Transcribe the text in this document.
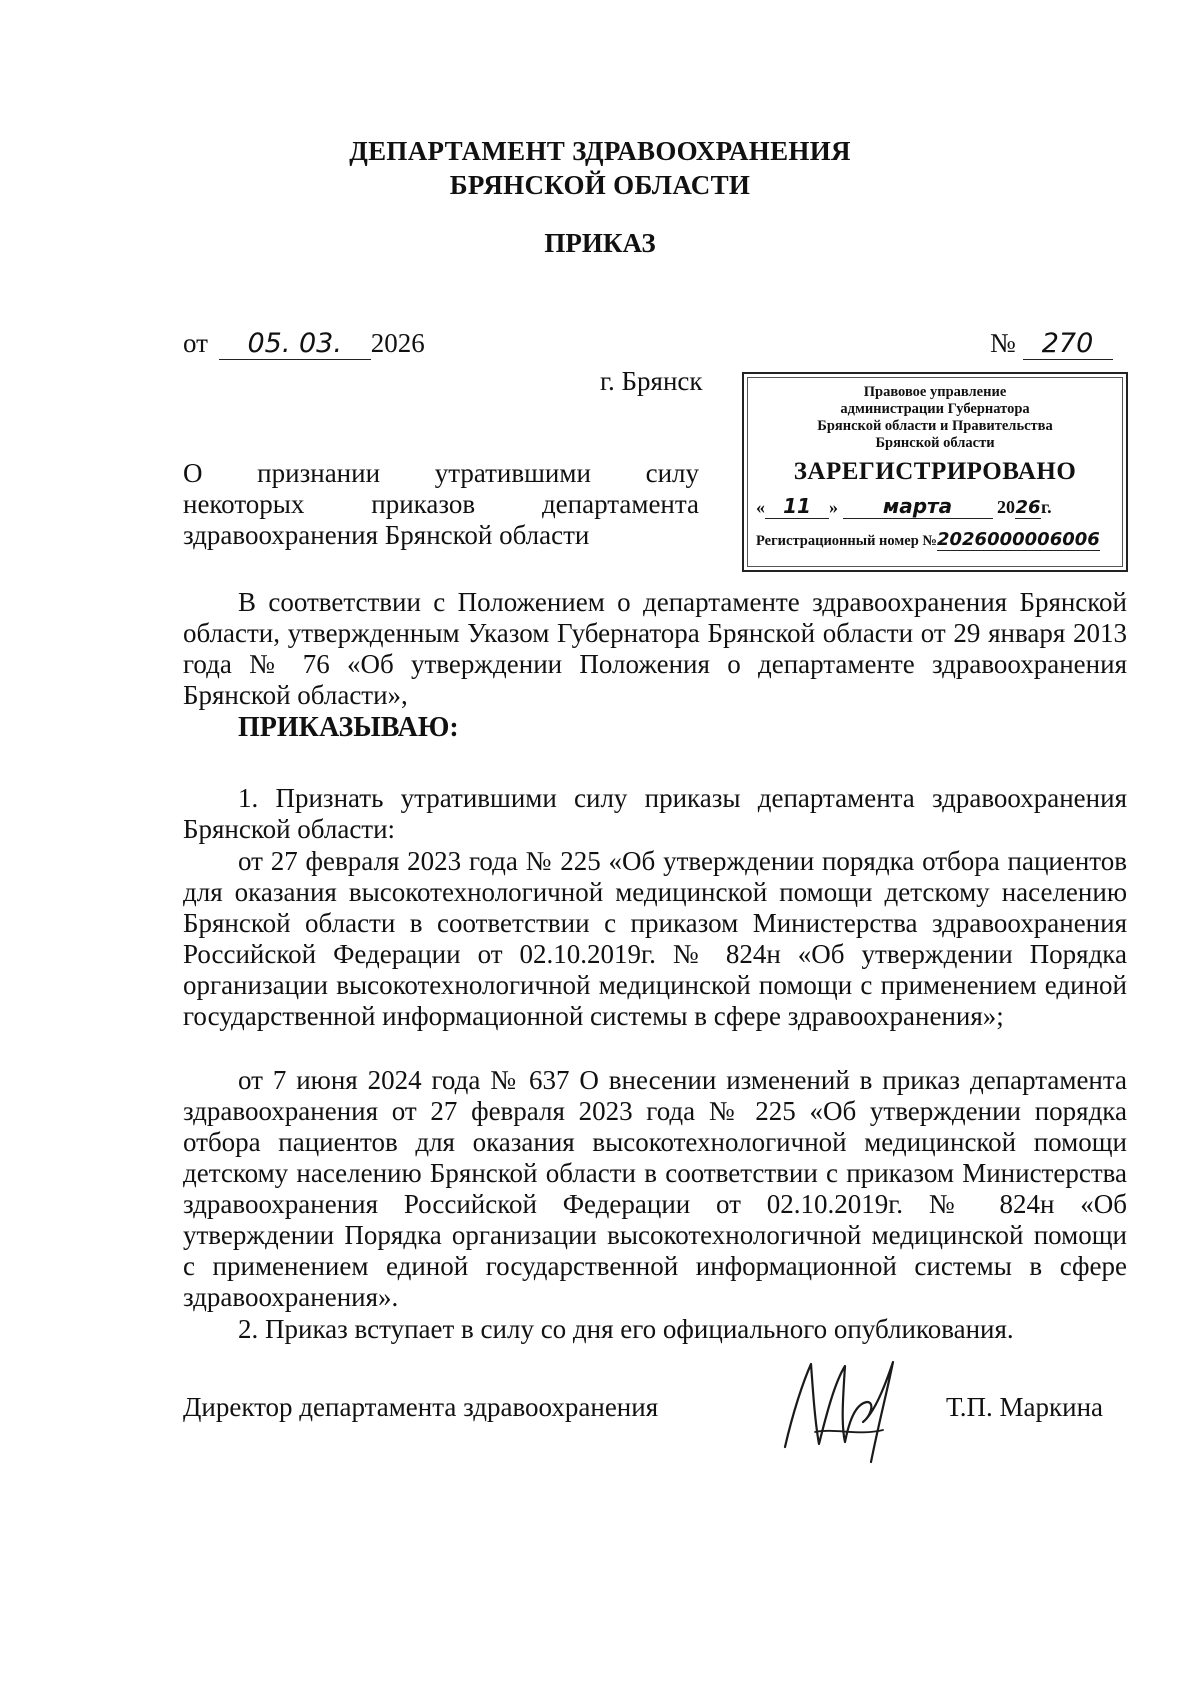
ДЕПАРТАМЕНТ ЗДРАВООХРАНЕНИЯ
БРЯНСКОЙ ОБЛАСТИ
ПРИКАЗ
от 05. 03. 2026	№ 270
г. Брянск	Правовое управление
администрации Губернатора
Брянской области и Правительства
Брянской области
ЗАРЕГИСТРИРОВАНО
« 11 » марта 2026г.
Регистрационный номер №2026000006006
О признании утратившими силу
некоторых приказов департамента
здравоохранения Брянской области
В соответствии с Положением о департаменте здравоохранения Брянской области, утвержденным Указом Губернатора Брянской области от 29 января 2013 года № 76 «Об утверждении Положения о департаменте здравоохранения Брянской области»,
ПРИКАЗЫВАЮ:
1. Признать утратившими силу приказы департамента здравоохранения Брянской области:
от 27 февраля 2023 года № 225 «Об утверждении порядка отбора пациентов для оказания высокотехнологичной медицинской помощи детскому населению Брянской области в соответствии с приказом Министерства здравоохранения Российской Федерации от 02.10.2019г. № 824н «Об утверждении Порядка организации высокотехнологичной медицинской помощи с применением единой государственной информационной системы в сфере здравоохранения»;
от 7 июня 2024 года № 637 О внесении изменений в приказ департамента здравоохранения от 27 февраля 2023 года № 225 «Об утверждении порядка отбора пациентов для оказания высокотехнологичной медицинской помощи детскому населению Брянской области в соответствии с приказом Министерства здравоохранения Российской Федерации от 02.10.2019г. № 824н «Об утверждении Порядка организации высокотехнологичной медицинской помощи с применением единой государственной информационной системы в сфере здравоохранения».
2. Приказ вступает в силу со дня его официального опубликования.
Директор департамента здравоохранения	Т.П. Маркина
